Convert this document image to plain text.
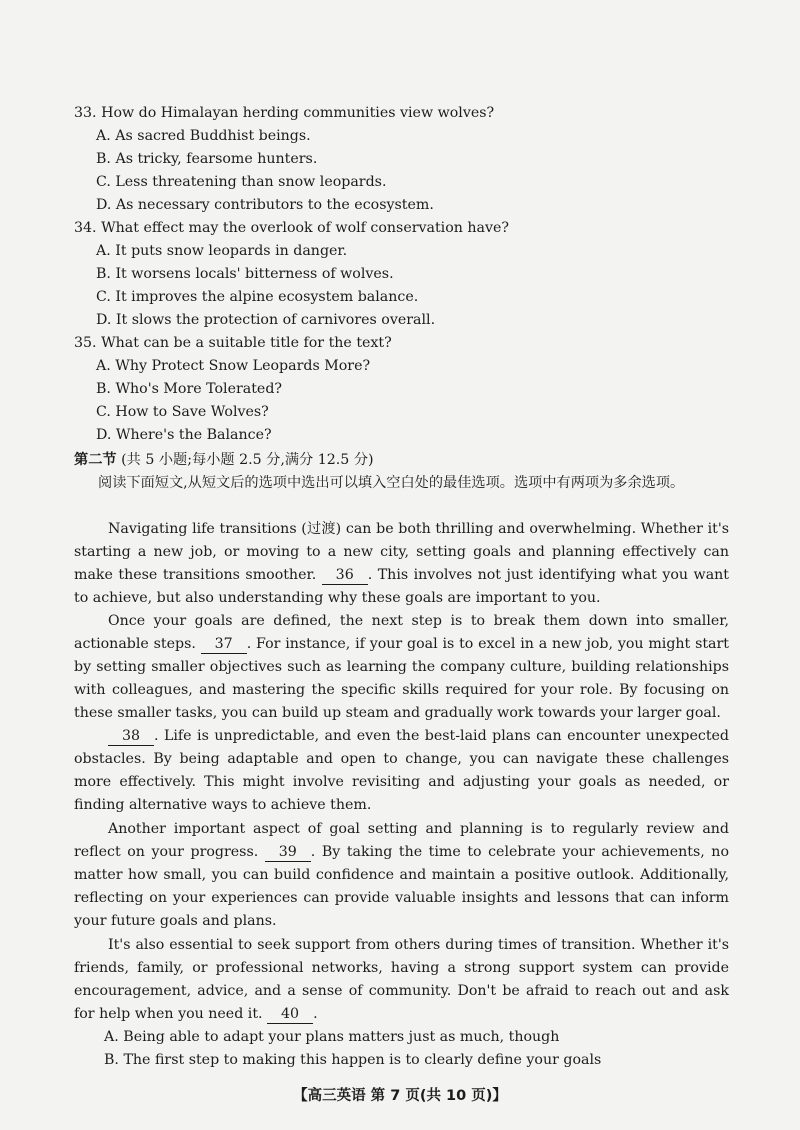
33. How do Himalayan herding communities view wolves?
A. As sacred Buddhist beings.
B. As tricky, fearsome hunters.
C. Less threatening than snow leopards.
D. As necessary contributors to the ecosystem.
34. What effect may the overlook of wolf conservation have?
A. It puts snow leopards in danger.
B. It worsens locals' bitterness of wolves.
C. It improves the alpine ecosystem balance.
D. It slows the protection of carnivores overall.
35. What can be a suitable title for the text?
A. Why Protect Snow Leopards More?
B. Who's More Tolerated?
C. How to Save Wolves?
D. Where's the Balance?
第二节 (共 5 小题;每小题 2.5 分,满分 12.5 分)
阅读下面短文,从短文后的选项中选出可以填入空白处的最佳选项。选项中有两项为多余选项。

Navigating life transitions (过渡) can be both thrilling and overwhelming. Whether it's starting a new job, or moving to a new city, setting goals and planning effectively can make these transitions smoother. 36 . This involves not just identifying what you want to achieve, but also understanding why these goals are important to you.

Once your goals are defined, the next step is to break them down into smaller, actionable steps. 37 . For instance, if your goal is to excel in a new job, you might start by setting smaller objectives such as learning the company culture, building relationships with colleagues, and mastering the specific skills required for your role. By focusing on these smaller tasks, you can build up steam and gradually work towards your larger goal.

38 . Life is unpredictable, and even the best-laid plans can encounter unexpected obstacles. By being adaptable and open to change, you can navigate these challenges more effectively. This might involve revisiting and adjusting your goals as needed, or finding alternative ways to achieve them.

Another important aspect of goal setting and planning is to regularly review and reflect on your progress. 39 . By taking the time to celebrate your achievements, no matter how small, you can build confidence and maintain a positive outlook. Additionally, reflecting on your experiences can provide valuable insights and lessons that can inform your future goals and plans.

It's also essential to seek support from others during times of transition. Whether it's friends, family, or professional networks, having a strong support system can provide encouragement, advice, and a sense of community. Don't be afraid to reach out and ask for help when you need it. 40 .

A. Being able to adapt your plans matters just as much, though
B. The first step to making this happen is to clearly define your goals
【高三英语 第 7 页(共 10 页)】
